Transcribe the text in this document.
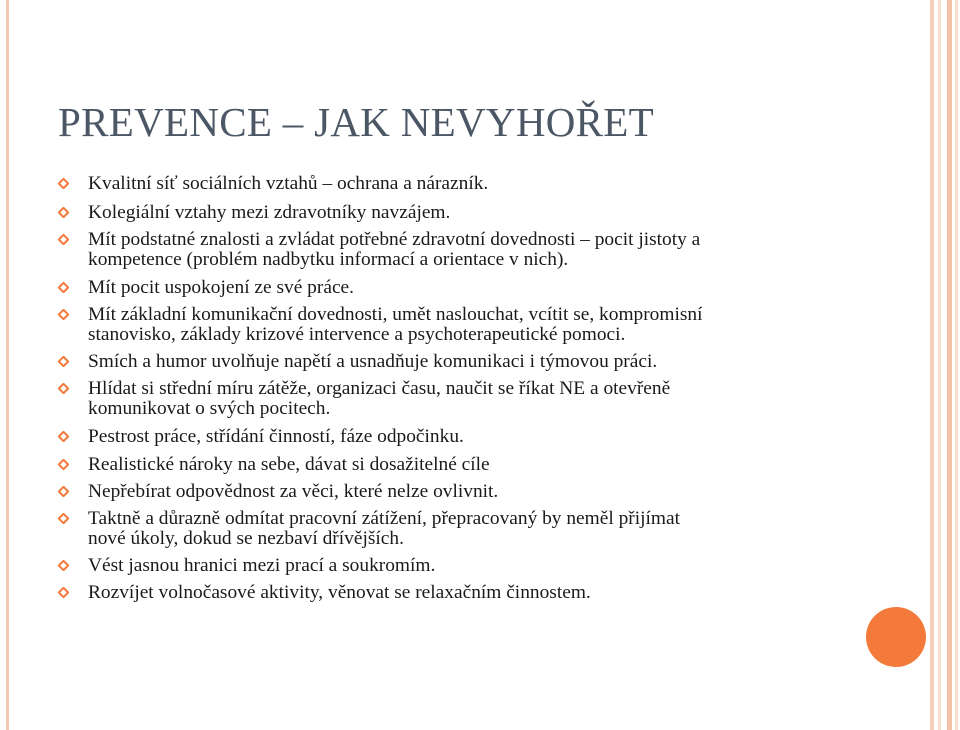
PREVENCE – JAK NEVYHOŘET
Kvalitní síť sociálních vztahů – ochrana a nárazník.
Kolegiální vztahy mezi zdravotníky navzájem.
Mít podstatné znalosti a zvládat potřebné zdravotní dovednosti – pocit jistoty a
kompetence (problém nadbytku informací a orientace v nich).
Mít pocit uspokojení ze své práce.
Mít základní komunikační dovednosti, umět naslouchat, vcítit se, kompromisní
stanovisko, základy krizové intervence a psychoterapeutické pomoci.
Smích a humor uvolňuje napětí a usnadňuje komunikaci i týmovou práci.
Hlídat si střední míru zátěže, organizaci času, naučit se říkat NE a otevřeně
komunikovat o svých pocitech.
Pestrost práce, střídání činností, fáze odpočinku.
Realistické nároky na sebe, dávat si dosažitelné cíle
Nepřebírat odpovědnost za věci, které nelze ovlivnit.
Taktně a důrazně odmítat pracovní zátížení, přepracovaný by neměl přijímat
nové úkoly, dokud se nezbaví dřívějších.
Vést jasnou hranici mezi prací a soukromím.
Rozvíjet volnočasové aktivity, věnovat se relaxačním činnostem.
